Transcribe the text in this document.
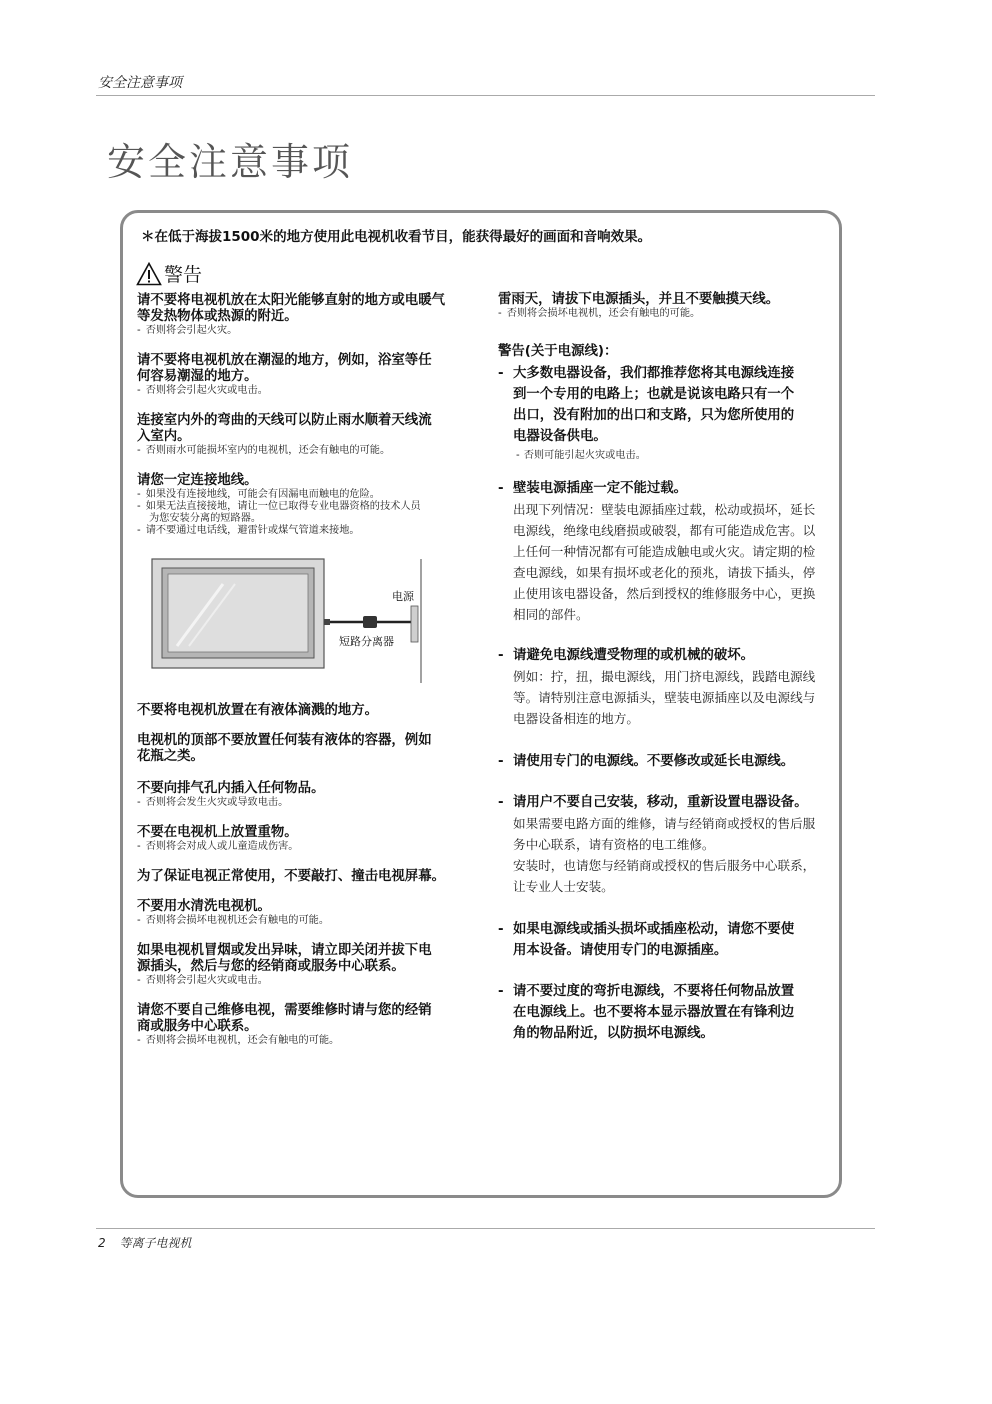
安全注意事项
安全注意事项
＊在低于海拔1500米的地方使用此电视机收看节目，能获得最好的画面和音响效果。
警告
请不要将电视机放在太阳光能够直射的地方或电暖气
等发热物体或热源的附近。
- 否则将会引起火灾。
请不要将电视机放在潮湿的地方，例如，浴室等任
何容易潮湿的地方。
- 否则将会引起火灾或电击。
连接室内外的弯曲的天线可以防止雨水顺着天线流
入室内。
- 否则雨水可能损坏室内的电视机，还会有触电的可能。
请您一定连接地线。
- 如果没有连接地线，可能会有因漏电而触电的危险。
- 如果无法直接接地，请让一位已取得专业电器资格的技术人员
为您安装分离的短路器。
- 请不要通过电话线，避雷针或煤气管道来接地。
电源
短路分离器
不要将电视机放置在有液体滴溅的地方。
电视机的顶部不要放置任何装有液体的容器，例如
花瓶之类。
不要向排气孔内插入任何物品。
- 否则将会发生火灾或导致电击。
不要在电视机上放置重物。
- 否则将会对成人或儿童造成伤害。
为了保证电视正常使用，不要敲打、撞击电视屏幕。
不要用水清洗电视机。
- 否则将会损坏电视机还会有触电的可能。
如果电视机冒烟或发出异味，请立即关闭并拔下电
源插头，然后与您的经销商或服务中心联系。
- 否则将会引起火灾或电击。
请您不要自己维修电视，需要维修时请与您的经销
商或服务中心联系。
- 否则将会损坏电视机，还会有触电的可能。
雷雨天，请拔下电源插头，并且不要触摸天线。
- 否则将会损坏电视机，还会有触电的可能。
警告(关于电源线)：
- 大多数电器设备，我们都推荐您将其电源线连接
到一个专用的电路上；也就是说该电路只有一个
出口，没有附加的出口和支路，只为您所使用的
电器设备供电。
- 否则可能引起火灾或电击。
- 壁装电源插座一定不能过载。
出现下列情况：壁装电源插座过载，松动或损坏，延长
电源线，绝缘电线磨损或破裂，都有可能造成危害。以
上任何一种情况都有可能造成触电或火灾。请定期的检
查电源线，如果有损坏或老化的预兆，请拔下插头，停
止使用该电器设备，然后到授权的维修服务中心，更换
相同的部件。
- 请避免电源线遭受物理的或机械的破坏。
例如：拧，扭，撮电源线，用门挤电源线，践踏电源线
等。请特别注意电源插头，壁装电源插座以及电源线与
电器设备相连的地方。
- 请使用专门的电源线。不要修改或延长电源线。
- 请用户不要自己安装，移动，重新设置电器设备。
如果需要电路方面的维修，请与经销商或授权的售后服
务中心联系，请有资格的电工维修。
安装时，也请您与经销商或授权的售后服务中心联系，
让专业人士安装。
- 如果电源线或插头损坏或插座松动，请您不要使
用本设备。请使用专门的电源插座。
- 请不要过度的弯折电源线，不要将任何物品放置
在电源线上。也不要将本显示器放置在有锋利边
角的物品附近，以防损坏电源线。
2 等离子电视机
